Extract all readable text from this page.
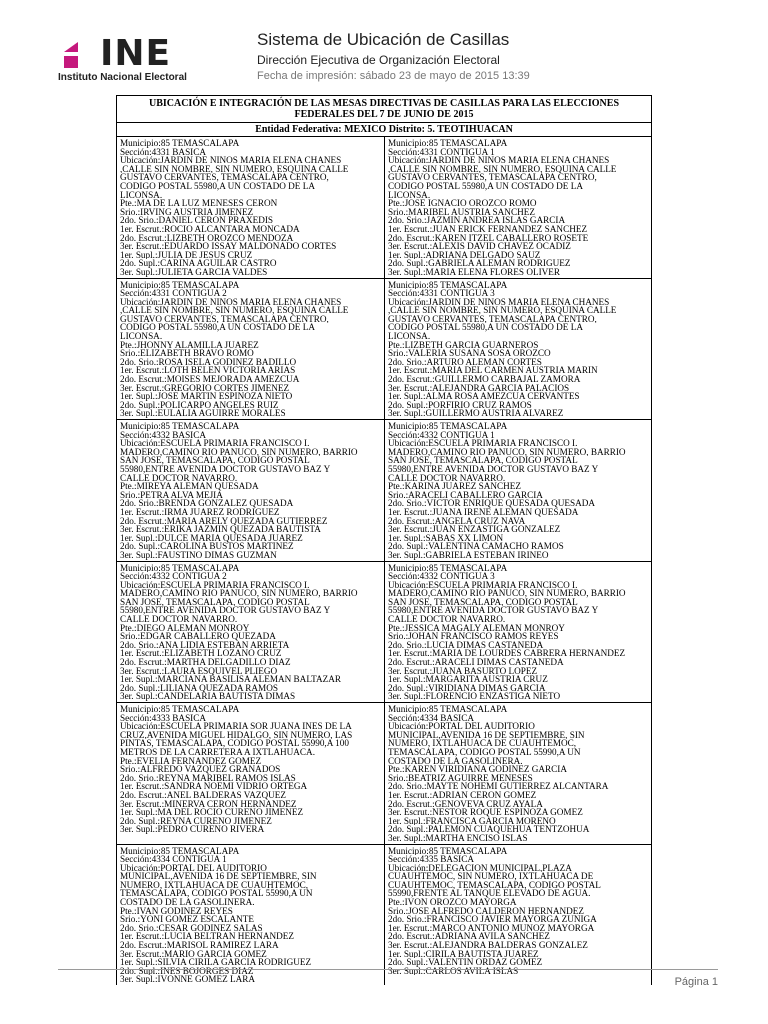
INE
Instituto Nacional Electoral
Sistema de Ubicación de Casillas
Dirección Ejecutiva de Organización Electoral
Fecha de impresión: sábado 23 de mayo de 2015 13:39
UBICACIÓN E INTEGRACIÓN DE LAS MESAS DIRECTIVAS DE CASILLAS PARA LAS ELECCIONES FEDERALES DEL 7 DE JUNIO DE 2015
Entidad Federativa: MEXICO Distrito: 5. TEOTIHUACAN
Municipio:85 TEMASCALAPA
Sección:4331 BASICA
Ubicación:JARDIN DE NIÑOS MARIA ELENA CHANES
,CALLE SIN NOMBRE, SIN NUMERO, ESQUINA CALLE
GUSTAVO CERVANTES, TEMASCALAPA CENTRO,
CODIGO POSTAL 55980,A UN COSTADO DE LA
LICONSA.
Pte.:MA DE LA LUZ MENESES CERON
Srio.:IRVING AUSTRIA JIMENEZ
2do. Srio.:DANIEL CERON PRAXEDIS
1er. Escrut.:ROCIO ALCANTARA MONCADA
2do. Escrut.:LIZBETH OROZCO MENDOZA
3er. Escrut.:EDUARDO ISSAY MALDONADO CORTES
1er. Supl.:JULIA DE JESUS CRUZ
2do. Supl.:CARINA AGUILAR CASTRO
3er. Supl.:JULIETA GARCIA VALDES
Municipio:85 TEMASCALAPA
Sección:4331 CONTIGUA 1
Ubicación:JARDIN DE NIÑOS MARIA ELENA CHANES
,CALLE SIN NOMBRE, SIN NUMERO, ESQUINA CALLE
GUSTAVO CERVANTES, TEMASCALAPA CENTRO,
CODIGO POSTAL 55980,A UN COSTADO DE LA
LICONSA.
Pte.:JOSE IGNACIO OROZCO ROMO
Srio.:MARIBEL AUSTRIA SANCHEZ
2do. Srio.:JAZMIN ANDREA ISLAS GARCIA
1er. Escrut.:JUAN ERICK FERNANDEZ SANCHEZ
2do. Escrut.:KAREN ITZEL CABALLERO ROSETE
3er. Escrut.:ALEXIS DAVID CHAVEZ OCADIZ
1er. Supl.:ADRIANA DELGADO SAUZ
2do. Supl.:GABRIELA ALEMAN RODRIGUEZ
3er. Supl.:MARIA ELENA FLORES OLIVER
Municipio:85 TEMASCALAPA
Sección:4331 CONTIGUA 2
Ubicación:JARDIN DE NIÑOS MARIA ELENA CHANES
,CALLE SIN NOMBRE, SIN NUMERO, ESQUINA CALLE
GUSTAVO CERVANTES, TEMASCALAPA CENTRO,
CODIGO POSTAL 55980,A UN COSTADO DE LA
LICONSA.
Pte.:JHONNY ALAMILLA JUAREZ
Srio.:ELIZABETH BRAVO ROMO
2do. Srio.:ROSA ISELA GODINEZ BADILLO
1er. Escrut.:LOTH BELEN VICTORIA ARIAS
2do. Escrut.:MOISES MEJORADA AMEZCUA
3er. Escrut.:GREGORIO CORTES JIMENEZ
1er. Supl.:JOSE MARTIN ESPINOZA NIETO
2do. Supl.:POLICARPO ANGELES RUIZ
3er. Supl.:EULALIA AGUIRRE MORALES
Municipio:85 TEMASCALAPA
Sección:4331 CONTIGUA 3
Ubicación:JARDIN DE NIÑOS MARIA ELENA CHANES
,CALLE SIN NOMBRE, SIN NUMERO, ESQUINA CALLE
GUSTAVO CERVANTES, TEMASCALAPA CENTRO,
CODIGO POSTAL 55980,A UN COSTADO DE LA
LICONSA.
Pte.:LIZBETH GARCIA GUARNEROS
Srio.:VALERIA SUSANA SOSA OROZCO
2do. Srio.:ARTURO ALEMAN CORTES
1er. Escrut.:MARIA DEL CARMEN AUSTRIA MARIN
2do. Escrut.:GUILLERMO CARBAJAL ZAMORA
3er. Escrut.:ALEJANDRA GARCIA PALACIOS
1er. Supl.:ALMA ROSA AMEZCUA CERVANTES
2do. Supl.:PORFIRIO CRUZ RAMOS
3er. Supl.:GUILLERMO AUSTRIA ALVAREZ
Municipio:85 TEMASCALAPA
Sección:4332 BASICA
Ubicación:ESCUELA PRIMARIA FRANCISCO I.
MADERO,CAMINO RIO PANUCO, SIN NUMERO, BARRIO
SAN JOSE, TEMASCALAPA, CODIGO POSTAL
55980,ENTRE AVENIDA DOCTOR GUSTAVO BAZ Y
CALLE DOCTOR NAVARRO.
Pte.:MIREYA ALEMAN QUESADA
Srio.:PETRA ALVA MEJIA
2do. Srio.:BRENDA GONZALEZ QUESADA
1er. Escrut.:IRMA JUAREZ RODRIGUEZ
2do. Escrut.:MARIA ARELY QUEZADA GUTIERREZ
3er. Escrut.:ERIKA JAZMIN QUEZADA BAUTISTA
1er. Supl.:DULCE MARIA QUESADA JUAREZ
2do. Supl.:CAROLINA BUSTOS MARTINEZ
3er. Supl.:FAUSTINO DIMAS GUZMAN
Municipio:85 TEMASCALAPA
Sección:4332 CONTIGUA 1
Ubicación:ESCUELA PRIMARIA FRANCISCO I.
MADERO,CAMINO RIO PANUCO, SIN NUMERO, BARRIO
SAN JOSE, TEMASCALAPA, CODIGO POSTAL
55980,ENTRE AVENIDA DOCTOR GUSTAVO BAZ Y
CALLE DOCTOR NAVARRO.
Pte.:KARINA JUAREZ SANCHEZ
Srio.:ARACELI CABALLERO GARCIA
2do. Srio.:VICTOR ENRIQUE QUESADA QUESADA
1er. Escrut.:JUANA IRENE ALEMAN QUESADA
2do. Escrut.:ANGELA CRUZ NAVA
3er. Escrut.:JUAN ENZASTIGA GONZALEZ
1er. Supl.:SABAS XX LIMON
2do. Supl.:VALENTINA CAMACHO RAMOS
3er. Supl.:GABRIELA ESTEBAN IRINEO
Municipio:85 TEMASCALAPA
Sección:4332 CONTIGUA 2
Ubicación:ESCUELA PRIMARIA FRANCISCO I.
MADERO,CAMINO RIO PANUCO, SIN NUMERO, BARRIO
SAN JOSE, TEMASCALAPA, CODIGO POSTAL
55980,ENTRE AVENIDA DOCTOR GUSTAVO BAZ Y
CALLE DOCTOR NAVARRO.
Pte.:DIEGO ALEMAN MONROY
Srio.:EDGAR CABALLERO QUEZADA
2do. Srio.:ANA LIDIA ESTEBAN ARRIETA
1er. Escrut.:ELIZABETH LOZANO CRUZ
2do. Escrut.:MARTHA DELGADILLO DIAZ
3er. Escrut.:LAURA ESQUIVEL PLIEGO
1er. Supl.:MARCIANA BASILISA ALEMAN BALTAZAR
2do. Supl.:LILIANA QUEZADA RAMOS
3er. Supl.:CANDELARIA BAUTISTA DIMAS
Municipio:85 TEMASCALAPA
Sección:4332 CONTIGUA 3
Ubicación:ESCUELA PRIMARIA FRANCISCO I.
MADERO,CAMINO RIO PANUCO, SIN NUMERO, BARRIO
SAN JOSE, TEMASCALAPA, CODIGO POSTAL
55980,ENTRE AVENIDA DOCTOR GUSTAVO BAZ Y
CALLE DOCTOR NAVARRO.
Pte.:JESSICA MAGALY ALEMAN MONROY
Srio.:JOHAN FRANCISCO RAMOS REYES
2do. Srio.:LUCIA DIMAS CASTAÑEDA
1er. Escrut.:MARIA DE LOURDES CABRERA HERNANDEZ
2do. Escrut.:ARACELI DIMAS CASTAÑEDA
3er. Escrut.:JUANA BASURTO LOPEZ
1er. Supl.:MARGARITA AUSTRIA CRUZ
2do. Supl.:VIRIDIANA DIMAS GARCIA
3er. Supl.:FLORENCIO ENZASTIGA NIETO
Municipio:85 TEMASCALAPA
Sección:4333 BASICA
Ubicación:ESCUELA PRIMARIA SOR JUANA INES DE LA
CRUZ,AVENIDA MIGUEL HIDALGO, SIN NUMERO, LAS
PINTAS, TEMASCALAPA, CODIGO POSTAL 55990,A 100
METROS DE LA CARRETERA A IXTLAHUACA.
Pte.:EVELIA FERNANDEZ GOMEZ
Srio.:ALFREDO VAZQUEZ GRANADOS
2do. Srio.:REYNA MARIBEL RAMOS ISLAS
1er. Escrut.:SANDRA NOEMI VIDRIO ORTEGA
2do. Escrut.:ANEL BALDERAS VAZQUEZ
3er. Escrut.:MINERVA CERON HERNANDEZ
1er. Supl.:MA DEL ROCIO CUREÑO JIMENEZ
2do. Supl.:REYNA CUREÑO JIMENEZ
3er. Supl.:PEDRO CUREÑO RIVERA
Municipio:85 TEMASCALAPA
Sección:4334 BASICA
Ubicación:PORTAL DEL AUDITORIO
MUNICIPAL,AVENIDA 16 DE SEPTIEMBRE, SIN
NUMERO, IXTLAHUACA DE CUAUHTEMOC,
TEMASCALAPA, CODIGO POSTAL 55990,A UN
COSTADO DE LA GASOLINERA.
Pte.:KAREN VIRIDIANA GODINEZ GARCIA
Srio.:BEATRIZ AGUIRRE MENESES
2do. Srio.:MAYTE NOHEMI GUTIERREZ ALCANTARA
1er. Escrut.:ADRIAN CERON GOMEZ
2do. Escrut.:GENOVEVA CRUZ AYALA
3er. Escrut.:NESTOR ROQUE ESPINOZA GOMEZ
1er. Supl.:FRANCISCA GARCIA MORENO
2do. Supl.:PALEMON CUAQUEHUA TENTZOHUA
3er. Supl.:MARTHA ENCISO ISLAS
Municipio:85 TEMASCALAPA
Sección:4334 CONTIGUA 1
Ubicación:PORTAL DEL AUDITORIO
MUNICIPAL,AVENIDA 16 DE SEPTIEMBRE, SIN
NUMERO, IXTLAHUACA DE CUAUHTEMOC,
TEMASCALAPA, CODIGO POSTAL 55990,A UN
COSTADO DE LA GASOLINERA.
Pte.:IVAN GODINEZ REYES
Srio.:YONI GOMEZ ESCALANTE
2do. Srio.:CESAR GODINEZ SALAS
1er. Escrut.:LUCIA BELTRAN HERNANDEZ
2do. Escrut.:MARISOL RAMIREZ LARA
3er. Escrut.:MARIO GARCIA GOMEZ
1er. Supl.:SILVIA CIRILA GARCIA RODRIGUEZ
2do. Supl.:INES BOJORGES DIAZ
3er. Supl.:IVONNE GOMEZ LARA
Municipio:85 TEMASCALAPA
Sección:4335 BASICA
Ubicación:DELEGACION MUNICIPAL,PLAZA
CUAUHTEMOC, SIN NUMERO, IXTLAHUACA DE
CUAUHTEMOC, TEMASCALAPA, CODIGO POSTAL
55990,FRENTE AL TANQUE ELEVADO DE AGUA.
Pte.:IVON OROZCO MAYORGA
Srio.:JOSE ALFREDO CALDERON HERNANDEZ
2do. Srio.:FRANCISCO JAVIER MAYORGA ZUÑIGA
1er. Escrut.:MARCO ANTONIO MUÑOZ MAYORGA
2do. Escrut.:ADRIANA AVILA SANCHEZ
3er. Escrut.:ALEJANDRA BALDERAS GONZALEZ
1er. Supl.:CIRILA BAUTISTA JUAREZ
2do. Supl.:VALENTIN ORDAZ GOMEZ
3er. Supl.:CARLOS AVILA ISLAS
Página 1
